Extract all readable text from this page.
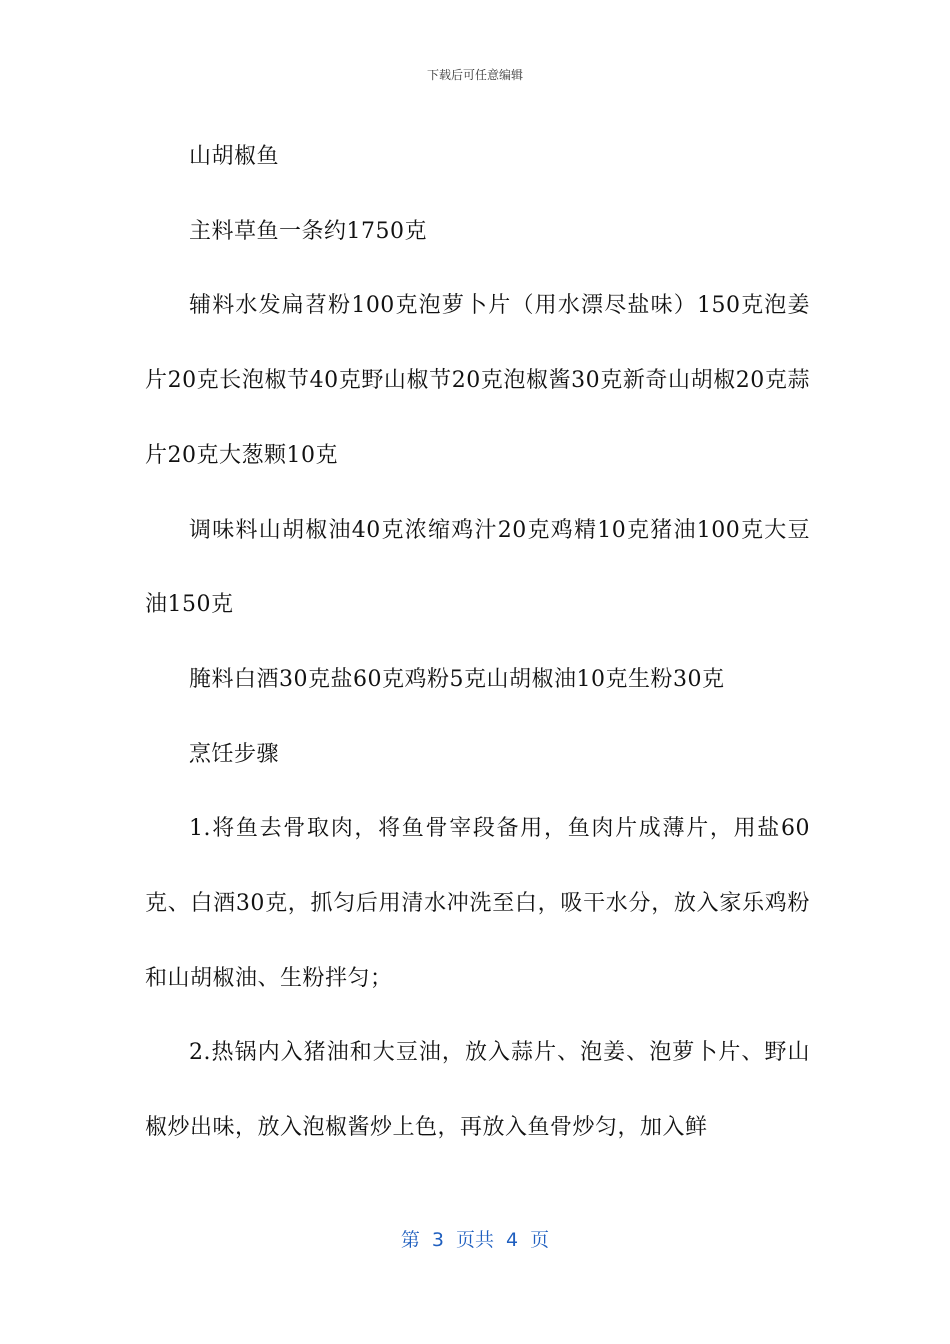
下载后可任意编辑

山胡椒鱼

主料草鱼一条约1750克

辅料水发扁苕粉100克泡萝卜片（用水漂尽盐味）150克泡姜片20克长泡椒节40克野山椒节20克泡椒酱30克新奇山胡椒20克蒜片20克大葱颗10克

调味料山胡椒油40克浓缩鸡汁20克鸡精10克猪油100克大豆油150克

腌料白酒30克盐60克鸡粉5克山胡椒油10克生粉30克

烹饪步骤

1.将鱼去骨取肉，将鱼骨宰段备用，鱼肉片成薄片，用盐60克、白酒30克，抓匀后用清水冲洗至白，吸干水分，放入家乐鸡粉和山胡椒油、生粉拌匀；

2.热锅内入猪油和大豆油，放入蒜片、泡姜、泡萝卜片、野山椒炒出味，放入泡椒酱炒上色，再放入鱼骨炒匀，加入鲜

第 3 页共 4 页
